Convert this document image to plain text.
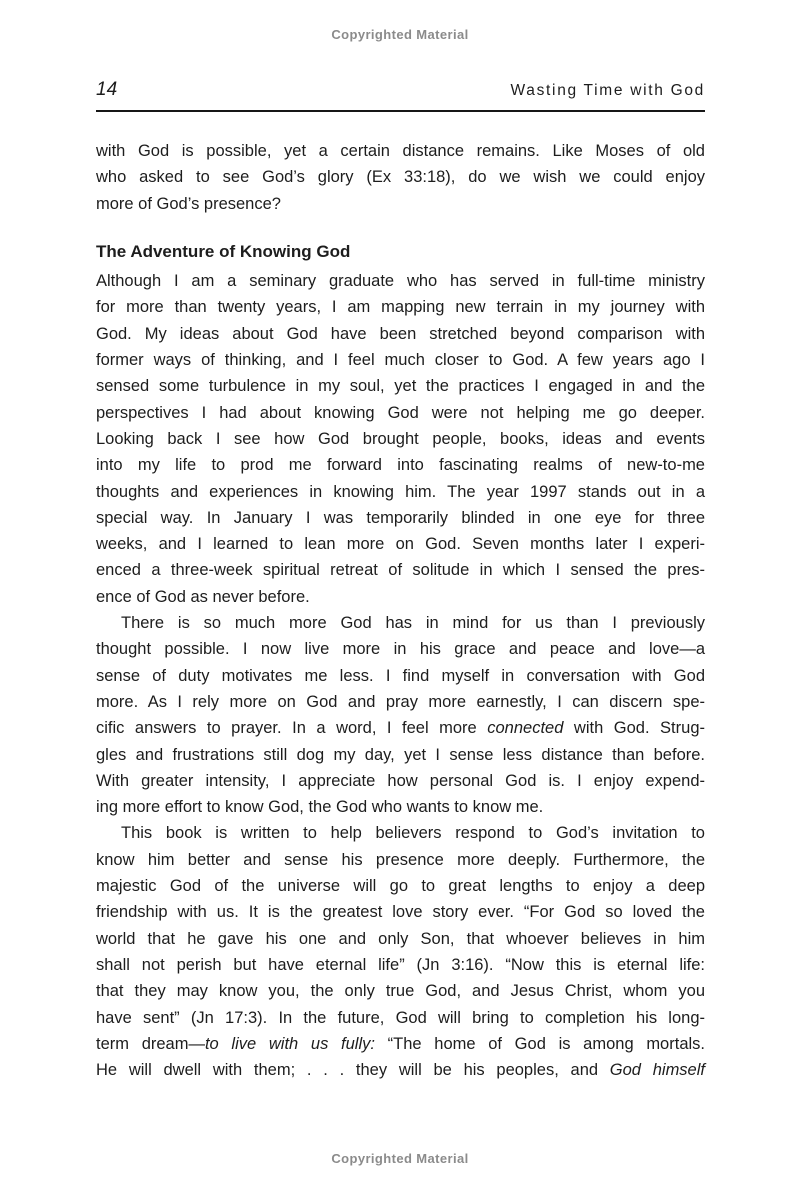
Copyrighted Material
14	Wasting Time with God
with God is possible, yet a certain distance remains. Like Moses of old
who asked to see God’s glory (Ex 33:18), do we wish we could enjoy
more of God’s presence?
The Adventure of Knowing God
Although I am a seminary graduate who has served in full-time ministry
for more than twenty years, I am mapping new terrain in my journey with
God. My ideas about God have been stretched beyond comparison with
former ways of thinking, and I feel much closer to God. A few years ago I
sensed some turbulence in my soul, yet the practices I engaged in and the
perspectives I had about knowing God were not helping me go deeper.
Looking back I see how God brought people, books, ideas and events
into my life to prod me forward into fascinating realms of new-to-me
thoughts and experiences in knowing him. The year 1997 stands out in a
special way. In January I was temporarily blinded in one eye for three
weeks, and I learned to lean more on God. Seven months later I experi-
enced a three-week spiritual retreat of solitude in which I sensed the pres-
ence of God as never before.
There is so much more God has in mind for us than I previously
thought possible. I now live more in his grace and peace and love—a
sense of duty motivates me less. I find myself in conversation with God
more. As I rely more on God and pray more earnestly, I can discern spe-
cific answers to prayer. In a word, I feel more connected with God. Strug-
gles and frustrations still dog my day, yet I sense less distance than before.
With greater intensity, I appreciate how personal God is. I enjoy expend-
ing more effort to know God, the God who wants to know me.
This book is written to help believers respond to God’s invitation to
know him better and sense his presence more deeply. Furthermore, the
majestic God of the universe will go to great lengths to enjoy a deep
friendship with us. It is the greatest love story ever. “For God so loved the
world that he gave his one and only Son, that whoever believes in him
shall not perish but have eternal life” (Jn 3:16). “Now this is eternal life:
that they may know you, the only true God, and Jesus Christ, whom you
have sent” (Jn 17:3). In the future, God will bring to completion his long-
term dream—to live with us fully: “The home of God is among mortals.
He will dwell with them; . . . they will be his peoples, and God himself
Copyrighted Material
